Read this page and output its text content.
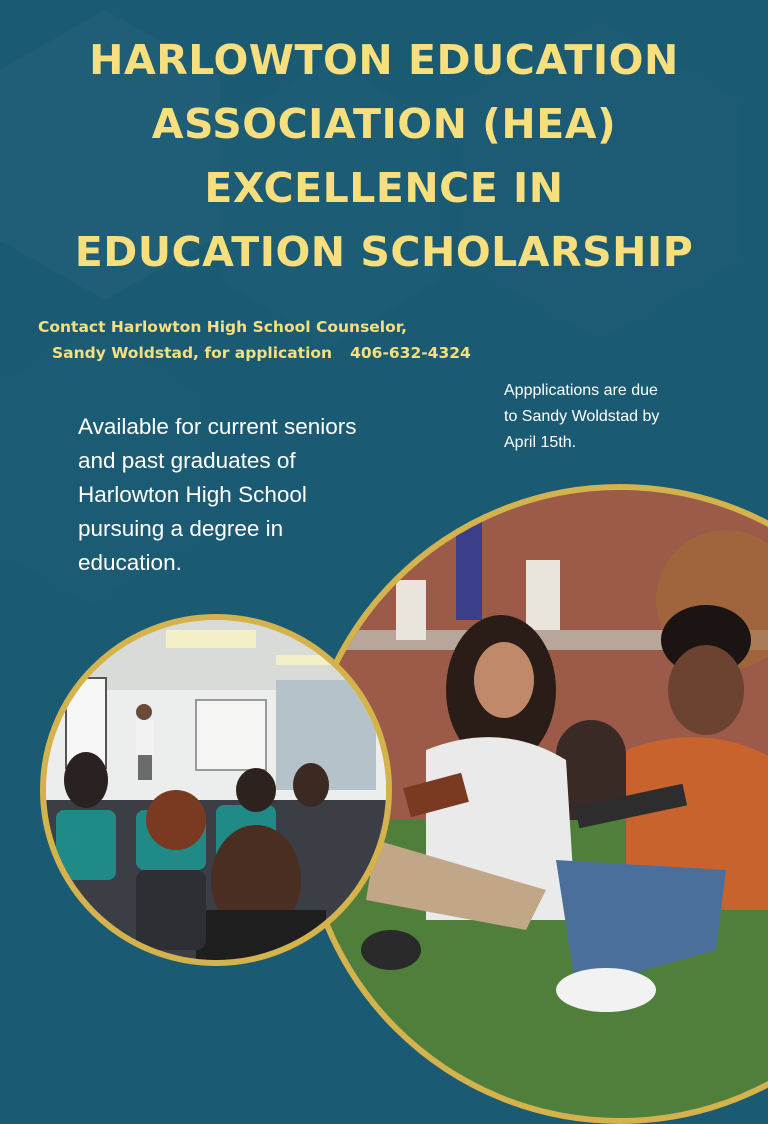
HARLOWTON EDUCATION
ASSOCIATION (HEA)
EXCELLENCE IN
EDUCATION SCHOLARSHIP
Contact Harlowton High School Counselor,
Sandy Woldstad, for application 406-632-4324
Appplications are due
to Sandy Woldstad by
April 15th.
Available for current seniors
and past graduates of
Harlowton High School
pursuing a degree in
education.
